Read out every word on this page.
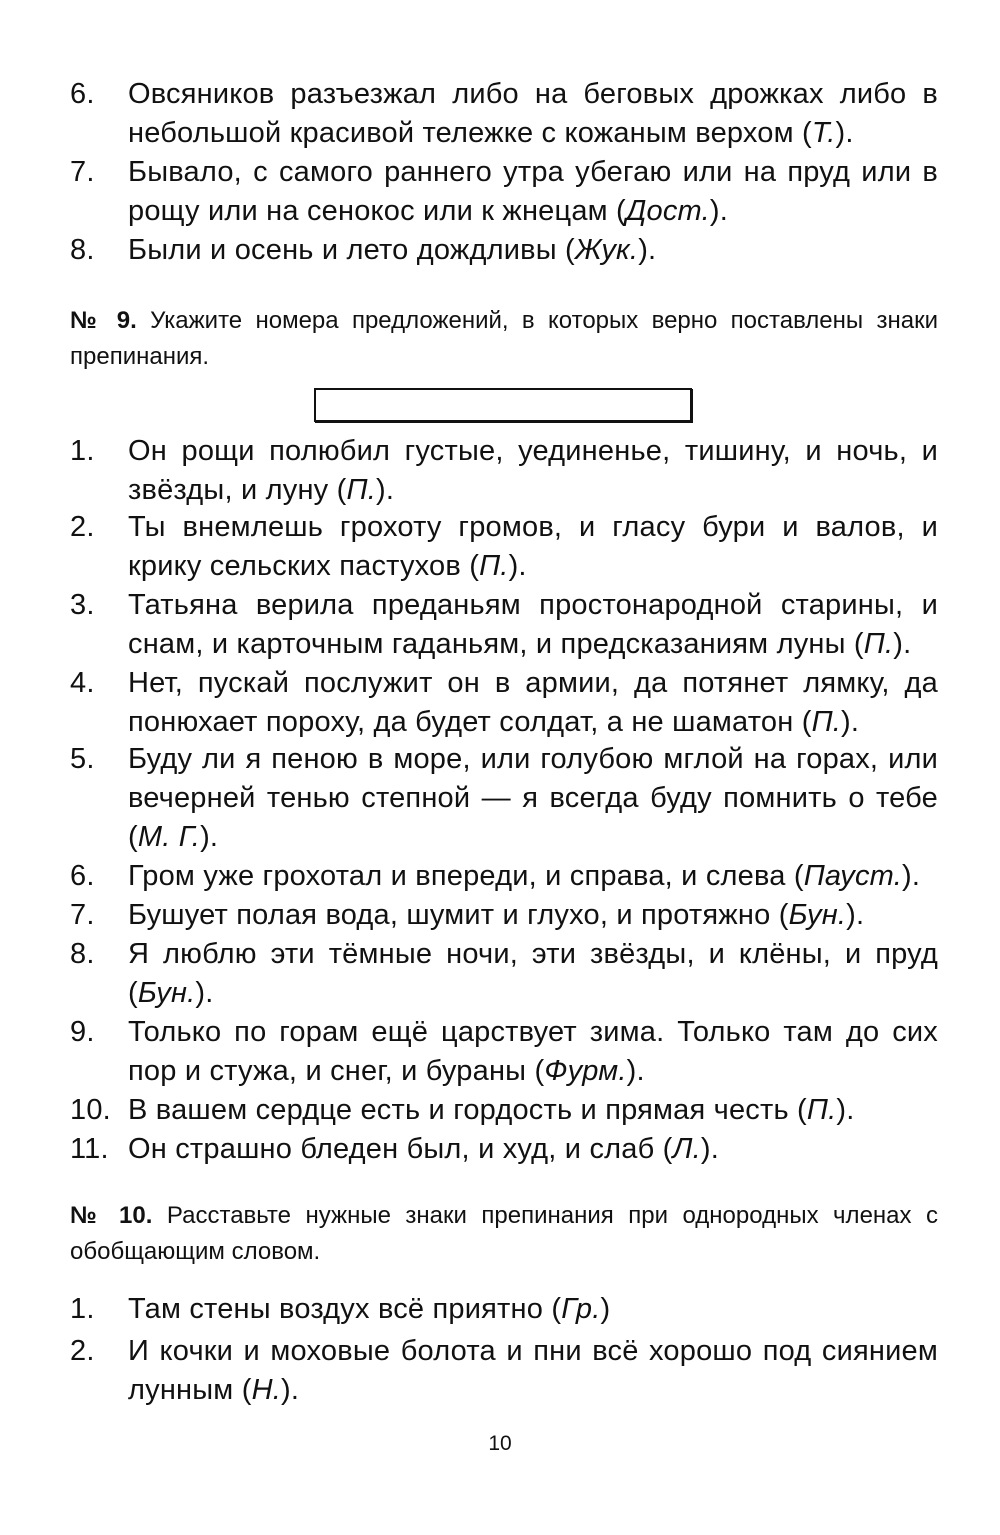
6. Овсяников разъезжал либо на беговых дрожках либо в небольшой красивой тележке с кожаным верхом (Т.).
7. Бывало, с самого раннего утра убегаю или на пруд или в рощу или на сенокос или к жнецам (Дост.).
8. Были и осень и лето дождливы (Жук.).
№ 9. Укажите номера предложений, в которых верно поставлены знаки препинания.
1. Он рощи полюбил густые, уединенье, тишину, и ночь, и звёзды, и луну (П.).
2. Ты внемлешь грохоту громов, и гласу бури и валов, и крику сельских пастухов (П.).
3. Татьяна верила преданьям простонародной старины, и снам, и карточным гаданьям, и предсказаниям луны (П.).
4. Нет, пускай послужит он в армии, да потянет лямку, да понюхает пороху, да будет солдат, а не шаматон (П.).
5. Буду ли я пеною в море, или голубою мглой на горах, или вечерней тенью степной — я всегда буду помнить о тебе (М. Г.).
6. Гром уже грохотал и впереди, и справа, и слева (Пауст.).
7. Бушует полая вода, шумит и глухо, и протяжно (Бун.).
8. Я люблю эти тёмные ночи, эти звёзды, и клёны, и пруд (Бун.).
9. Только по горам ещё царствует зима. Только там до сих пор и стужа, и снег, и бураны (Фурм.).
10. В вашем сердце есть и гордость и прямая честь (П.).
11. Он страшно бледен был, и худ, и слаб (Л.).
№ 10. Расставьте нужные знаки препинания при однородных членах с обобщающим словом.
1. Там стены воздух всё приятно (Гр.)
2. И кочки и моховые болота и пни всё хорошо под сиянием лунным (Н.).
10
